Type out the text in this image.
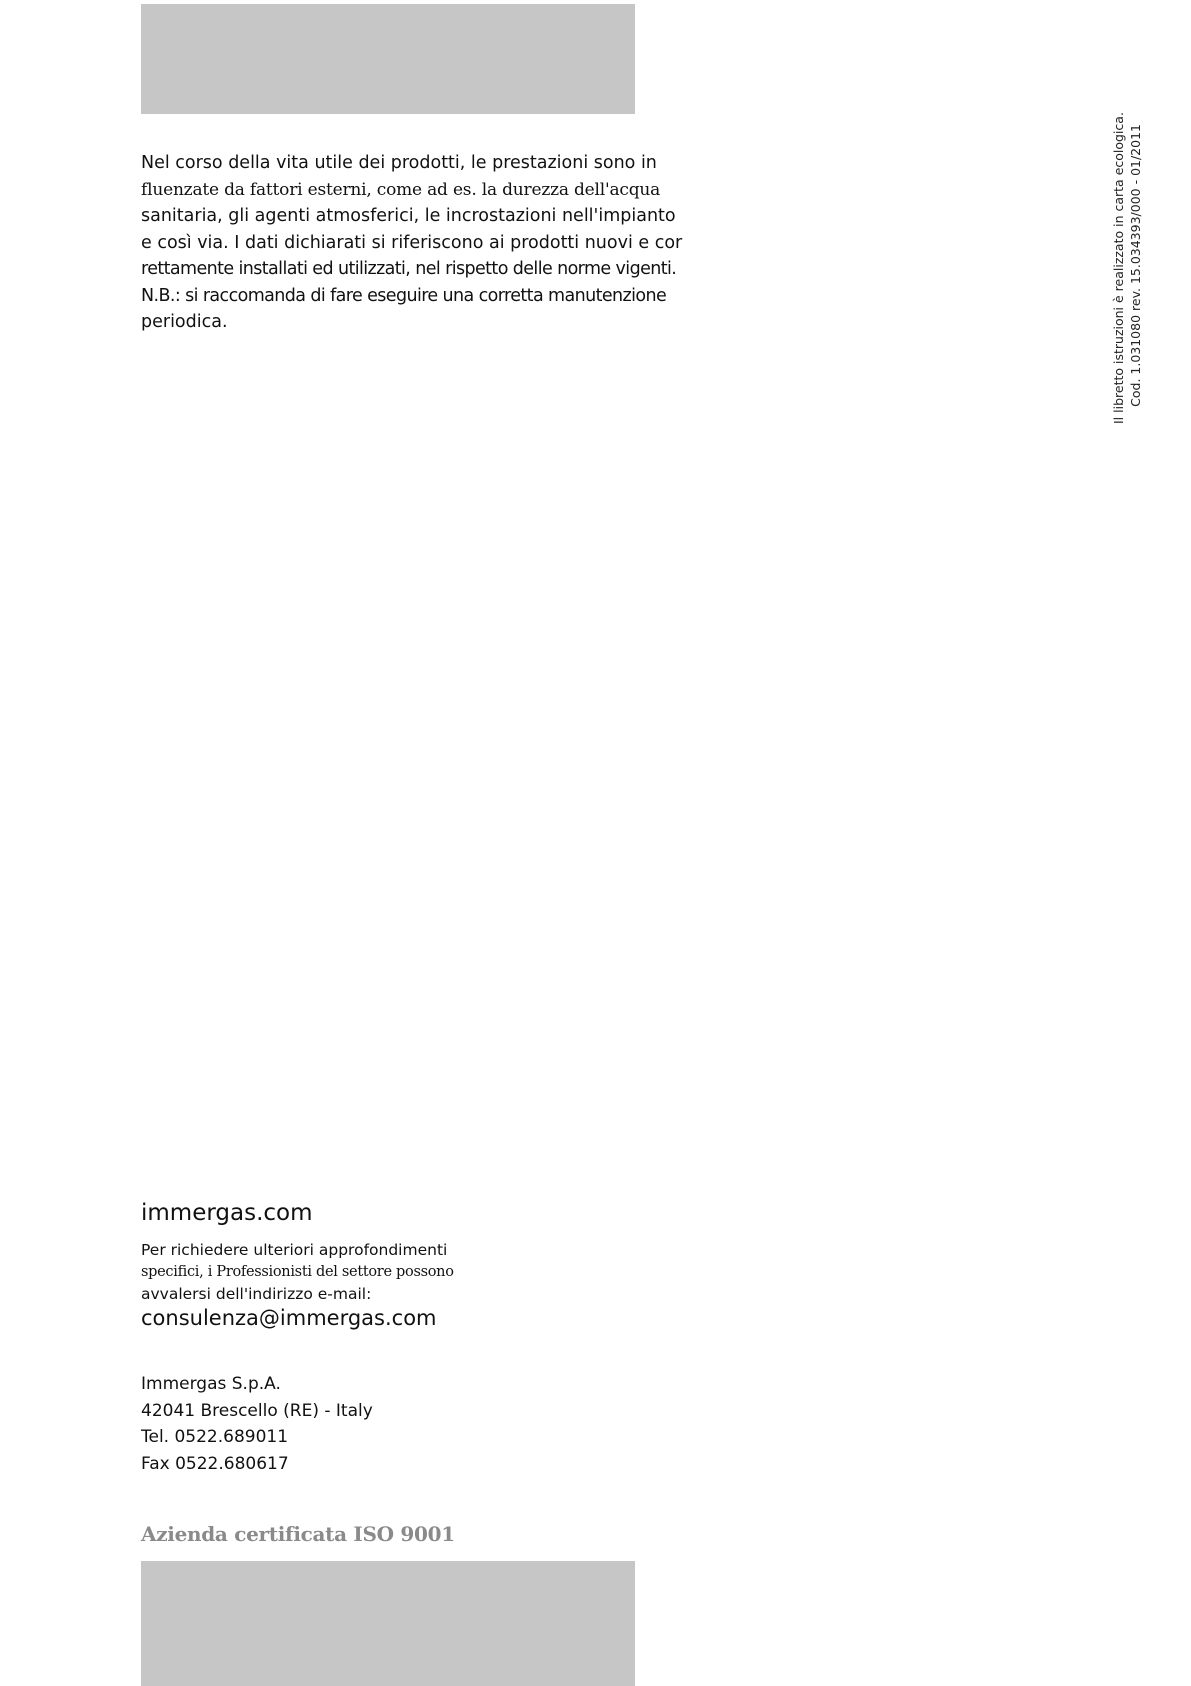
Nel corso della vita utile dei prodotti, le prestazioni sono in

fluenzate da fattori esterni, come ad es. la durezza dell'acqua

sanitaria, gli agenti atmosferici, le incrostazioni nell'impianto

e così via. I dati dichiarati si riferiscono ai prodotti nuovi e cor

rettamente installati ed utilizzati, nel rispetto delle norme vigenti.

N.B.: si raccomanda di fare eseguire una corretta manutenzione

periodica.	Il libretto istruzioni è realizzato in carta ecologica. Cod. 1.031080 rev. 15.034393/000 - 01/2011
immergas.com
Per richiedere ulteriori approfondimenti
specifici, i Professionisti del settore possono
avvalersi dell'indirizzo e-mail:
consulenza@immergas.com
Immergas S.p.A.
42041 Brescello (RE) - Italy
Tel. 0522.689011
Fax 0522.680617
Azienda certificata ISO 9001
